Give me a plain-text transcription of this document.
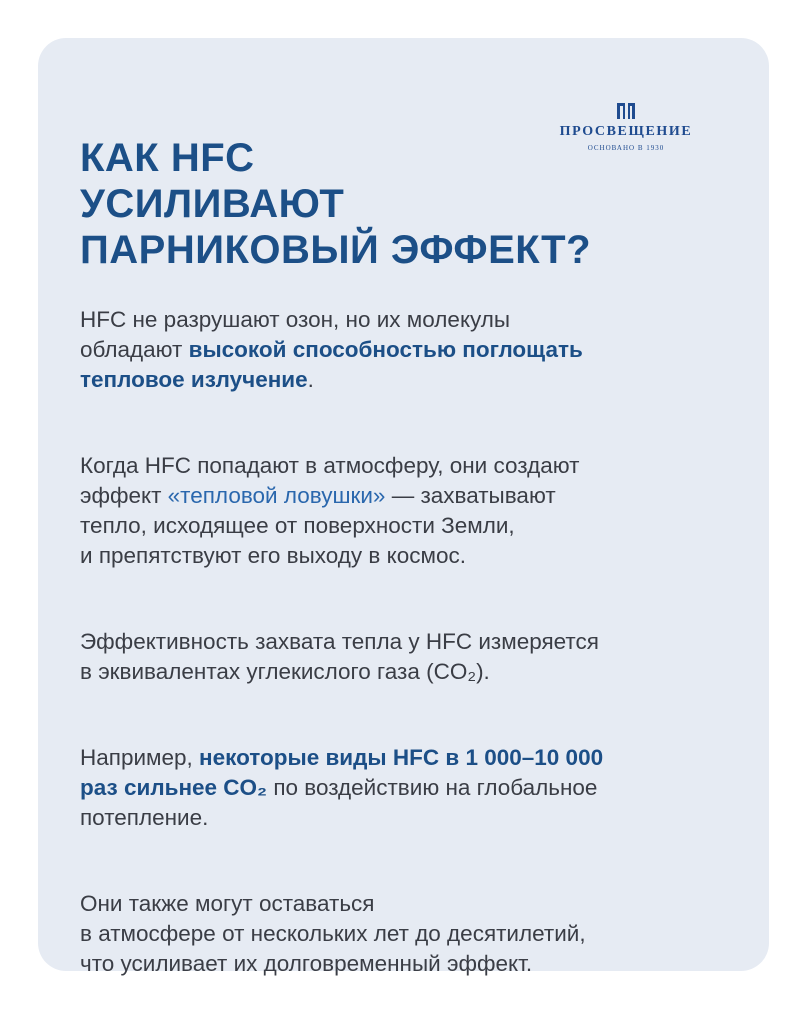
ПРОСВЕЩЕНИЕ
ОСНОВАНО В 1930
КАК HFC
УСИЛИВАЮТ
ПАРНИКОВЫЙ ЭФФЕКТ?

HFC не разрушают озон, но их молекулы
обладают высокой способностью поглощать
тепловое излучение.

Когда HFC попадают в атмосферу, они создают
эффект «тепловой ловушки» — захватывают
тепло, исходящее от поверхности Земли,
и препятствуют его выходу в космос.

Эффективность захвата тепла у HFC измеряется
в эквивалентах углекислого газа (CO₂).

Например, некоторые виды HFC в 1 000–10 000
раз сильнее CO₂ по воздействию на глобальное
потепление.

Они также могут оставаться
в атмосфере от нескольких лет до десятилетий,
что усиливает их долговременный эффект.
